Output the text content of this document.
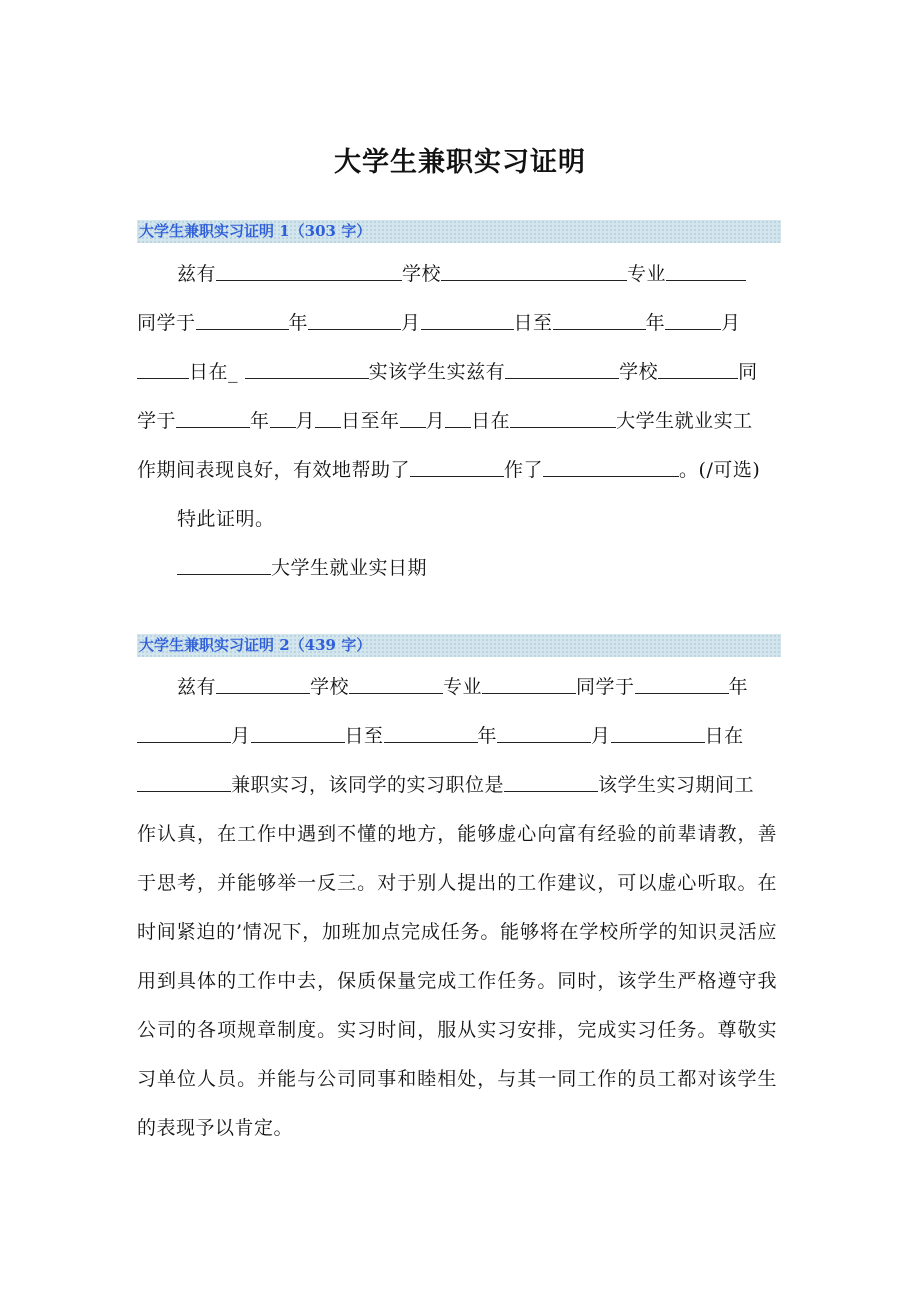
大学生兼职实习证明
大学生兼职实习证明 1（303 字）
兹有	学校	专业
同学于	年	月	日至	年	月
日在_	实该学生实兹有	学校	同
学于	年 月 日至年 月 日在	大学生就业实工
作期间表现良好，有效地帮助了	作了	。(/可选)
特此证明。
大学生就业实日期
大学生兼职实习证明 2（439 字）
兹有	学校	专业	同学于	年
月	日至	年	月	日在
兼职实习，该同学的实习职位是	该学生实习期间工
作认真，在工作中遇到不懂的地方，能够虚心向富有经验的前辈请教，善于思考，并能够举一反三。对于别人提出的工作建议，可以虚心听取。在时间紧迫的’情况下，加班加点完成任务。能够将在学校所学的知识灵活应用到具体的工作中去，保质保量完成工作任务。同时，该学生严格遵守我公司的各项规章制度。实习时间，服从实习安排，完成实习任务。尊敬实习单位人员。并能与公司同事和睦相处，与其一同工作的员工都对该学生的表现予以肯定。
